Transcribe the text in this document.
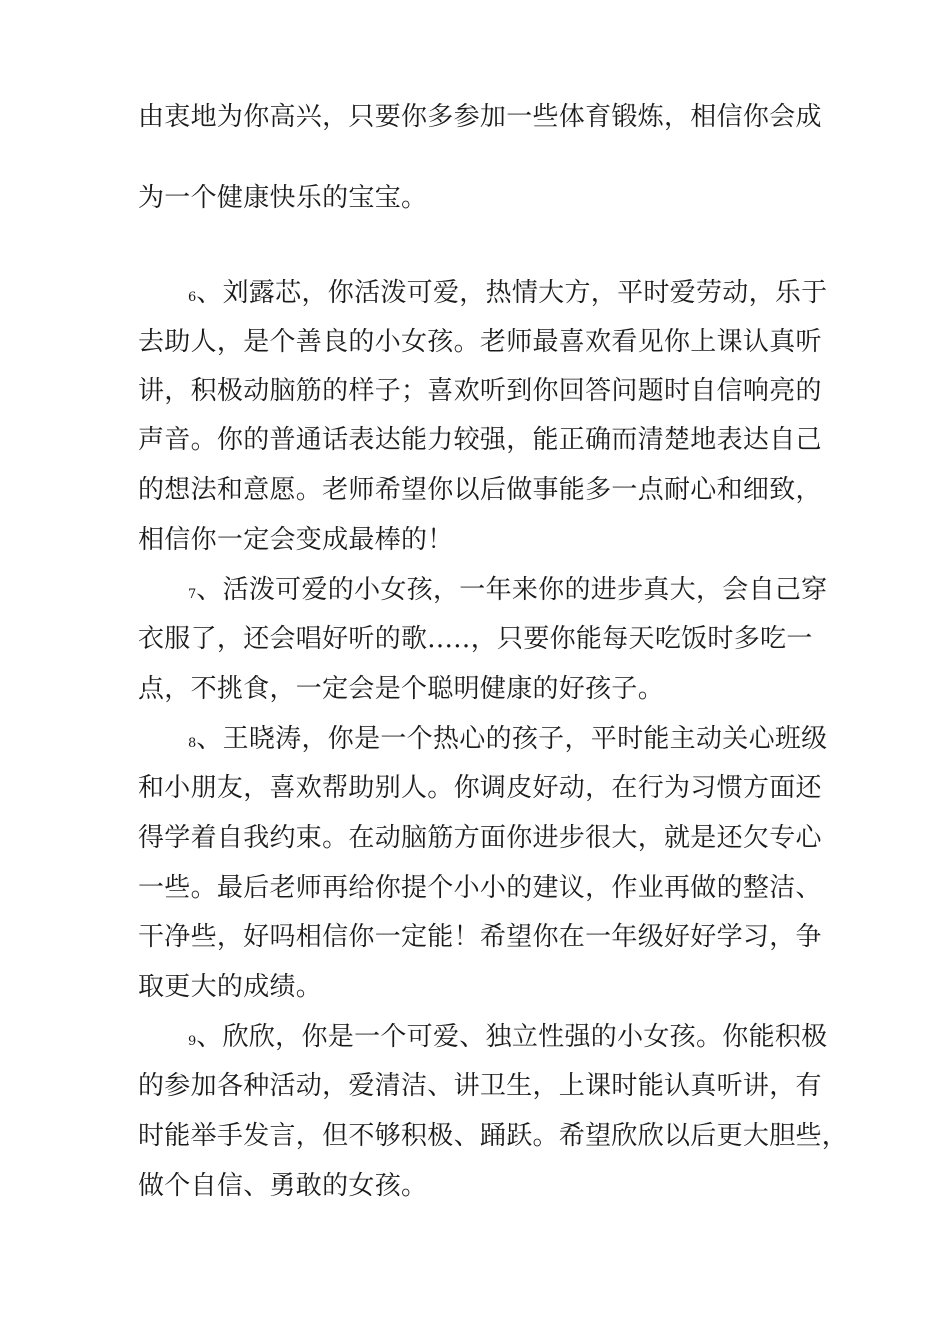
由衷地为你高兴，只要你多参加一些体育锻炼，相信你会成
为一个健康快乐的宝宝。
6、刘露芯，你活泼可爱，热情大方，平时爱劳动，乐于
去助人，是个善良的小女孩。老师最喜欢看见你上课认真听
讲，积极动脑筋的样子；喜欢听到你回答问题时自信响亮的
声音。你的普通话表达能力较强，能正确而清楚地表达自己
的想法和意愿。老师希望你以后做事能多一点耐心和细致，
相信你一定会变成最棒的！
7、活泼可爱的小女孩，一年来你的进步真大，会自己穿
衣服了，还会唱好听的歌..…，只要你能每天吃饭时多吃一
点，不挑食，一定会是个聪明健康的好孩子。
8、王晓涛，你是一个热心的孩子，平时能主动关心班级
和小朋友，喜欢帮助别人。你调皮好动，在行为习惯方面还
得学着自我约束。在动脑筋方面你进步很大，就是还欠专心
一些。最后老师再给你提个小小的建议，作业再做的整洁、
干净些，好吗相信你一定能！希望你在一年级好好学习，争
取更大的成绩。
9、欣欣，你是一个可爱、独立性强的小女孩。你能积极
的参加各种活动，爱清洁、讲卫生，上课时能认真听讲，有
时能举手发言，但不够积极、踊跃。希望欣欣以后更大胆些，
做个自信、勇敢的女孩。
